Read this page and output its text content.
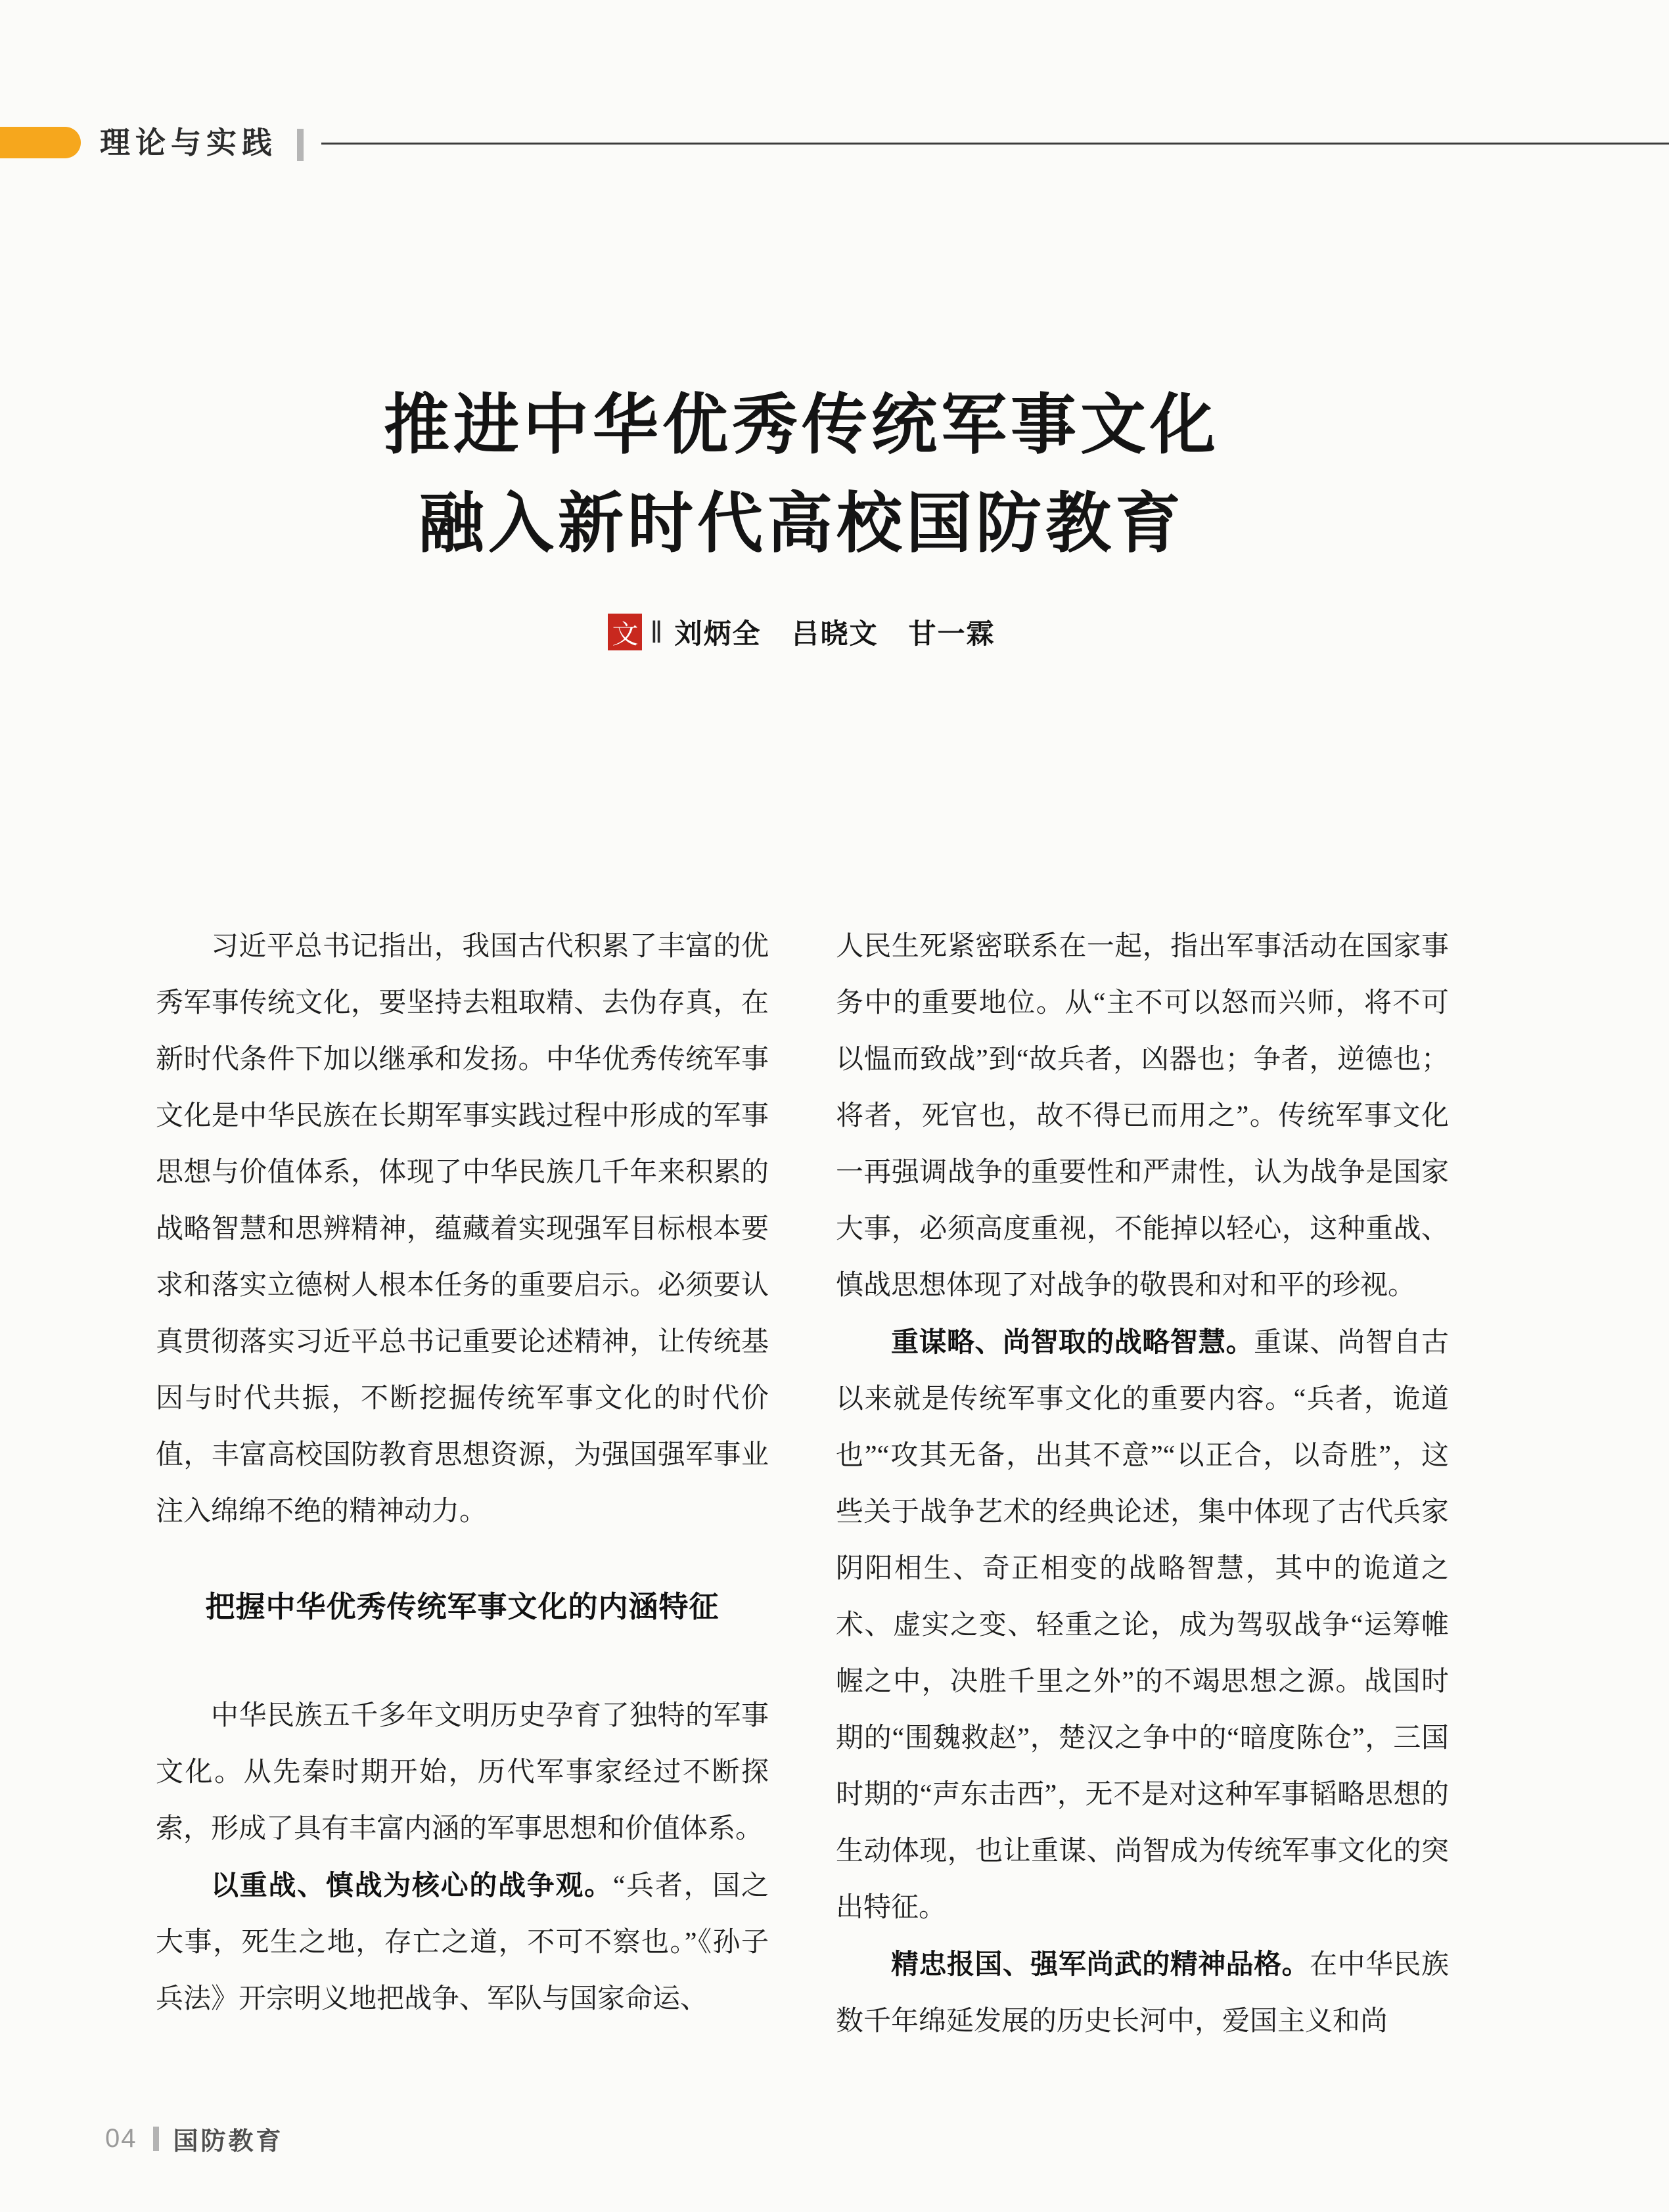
理论与实践
推进中华优秀传统军事文化
融入新时代高校国防教育
文 ‖ 刘炳全 吕晓文 甘一霖

习近平总书记指出，我国古代积累了丰富的优秀军事传统文化，要坚持去粗取精、去伪存真，在新时代条件下加以继承和发扬。中华优秀传统军事文化是中华民族在长期军事实践过程中形成的军事思想与价值体系，体现了中华民族几千年来积累的战略智慧和思辨精神，蕴藏着实现强军目标根本要求和落实立德树人根本任务的重要启示。必须要认真贯彻落实习近平总书记重要论述精神，让传统基因与时代共振，不断挖掘传统军事文化的时代价值，丰富高校国防教育思想资源，为强国强军事业注入绵绵不绝的精神动力。

把握中华优秀传统军事文化的内涵特征

中华民族五千多年文明历史孕育了独特的军事文化。从先秦时期开始，历代军事家经过不断探索，形成了具有丰富内涵的军事思想和价值体系。

以重战、慎战为核心的战争观。“兵者，国之大事，死生之地，存亡之道，不可不察也。”《孙子兵法》开宗明义地把战争、军队与国家命运、

人民生死紧密联系在一起，指出军事活动在国家事务中的重要地位。从“主不可以怒而兴师，将不可以愠而致战”到“故兵者，凶器也；争者，逆德也；将者，死官也，故不得已而用之”。传统军事文化一再强调战争的重要性和严肃性，认为战争是国家大事，必须高度重视，不能掉以轻心，这种重战、慎战思想体现了对战争的敬畏和对和平的珍视。

重谋略、尚智取的战略智慧。重谋、尚智自古以来就是传统军事文化的重要内容。“兵者，诡道也”“攻其无备，出其不意”“以正合，以奇胜”，这些关于战争艺术的经典论述，集中体现了古代兵家阴阳相生、奇正相变的战略智慧，其中的诡道之术、虚实之变、轻重之论，成为驾驭战争“运筹帷幄之中，决胜千里之外”的不竭思想之源。战国时期的“围魏救赵”，楚汉之争中的“暗度陈仓”，三国时期的“声东击西”，无不是对这种军事韬略思想的生动体现，也让重谋、尚智成为传统军事文化的突出特征。

精忠报国、强军尚武的精神品格。在中华民族数千年绵延发展的历史长河中，爱国主义和尚

04 国防教育
